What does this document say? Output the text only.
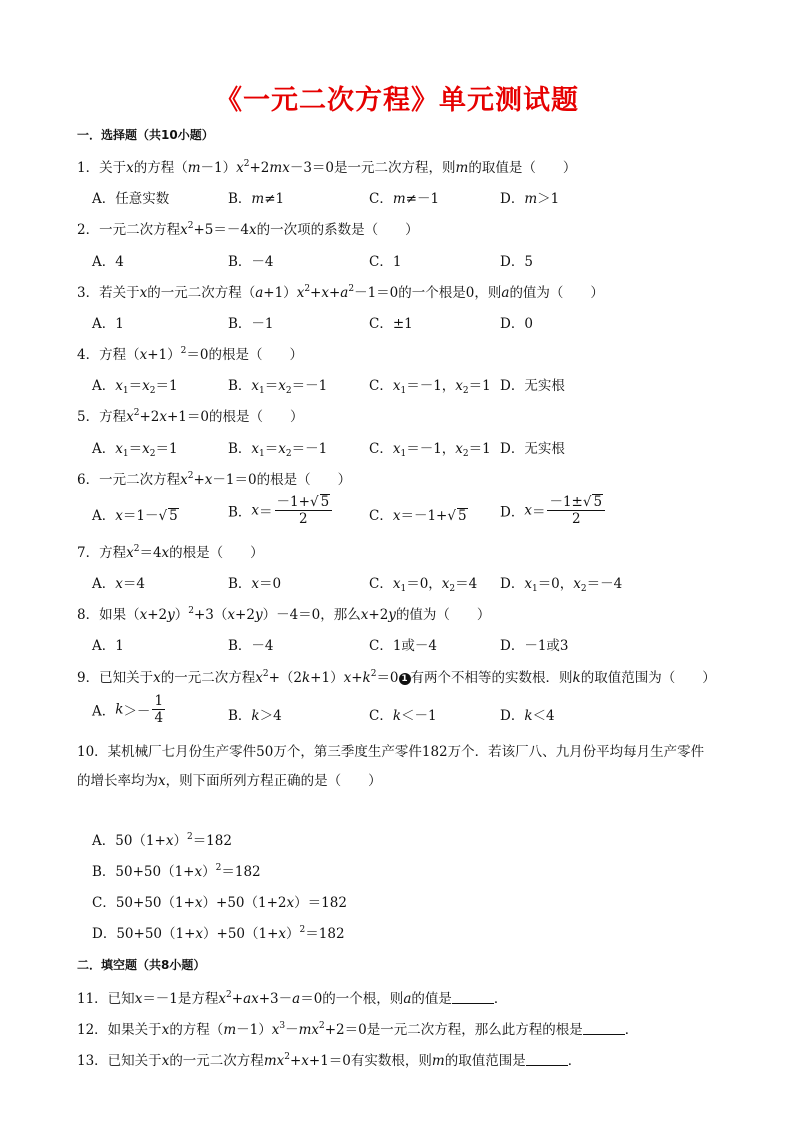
《一元二次方程》单元测试题
一．选择题（共10小题）
1．关于x的方程$(m-1)x^2+2mx-3=0$是一元二次方程，则m的取值是（　　）
A．任意实数	B．m≠1	C．m≠－1	D．m＞1
2．一元二次方程$x^2+5=-4x$的一次项的系数是（　　）
A．4	B．－4	C．1	D．5
3．若关于x的一元二次方程$(a+1)x^2+x+a^2-1=0$的一个根是0，则a的值为（　　）
A．1	B．－1	C．±1	D．0
4．方程$(x+1)^2=0$的根是（　　）
A．$x_1=x_2=1$	B．$x_1=x_2=-1$	C．$x_1=-1$，$x_2=1$ D．无实根
5．方程$x^2+2x+1=0$的根是（　　）
A．$x_1=x_2=1$	B．$x_1=x_2=-1$	C．$x_1=-1$，$x_2=1$ D．无实根
6．一元二次方程$x^2+x-1=0$的根是（　　）
A．x＝1－√ 5	B．$x= \frac{-1+√ 5}{2}$	C．x＝－1+√ 5 D．$x= \frac{-1\pm√ 5}{2}$
7．方程$x^2=4x$的根是（　　）
A．x＝4	B．x＝0	C．$x_1=0$，$x_2=4$ D．$x_1=0$，$x_2=-4$
8．如果$(x+2y)^2+3(x+2y)-4=0$，那么x+2y的值为（　　）
A．1	B．－4	C．1或－4	D．－1或3
9．已知关于x的一元二次方程$x^2+(2k+1)x+k^2=0$ 1 有两个不相等的实数根．则k的取值范围为（　　）
A．$k>- \frac{1}{4}$	B．k＞4	C．k＜－1	D．k＜4
10．某机械厂七月份生产零件50万个，第三季度生产零件182万个．若该厂八、九月份平均每月生产零件的增长率均为x，则下面所列方程正确的是（　　）
A．$50(1+x)^2=182$
B．$50+50(1+x)^2=182$
C．50+50（1+x）+50（1+2x）＝182
D．$50+50(1+x)+50(1+x)^2=182$
二．填空题（共8小题）
11．已知x＝－1是方程$x^2+ax+3-a=0$的一个根，则a的值是	．
12．如果关于x的方程$(m-1)x^3-mx^2+2=0$是一元二次方程，那么此方程的根是	．
13．已知关于x的一元二次方程$mx^2+x+1=0$有实数根，则m的取值范围是	．
